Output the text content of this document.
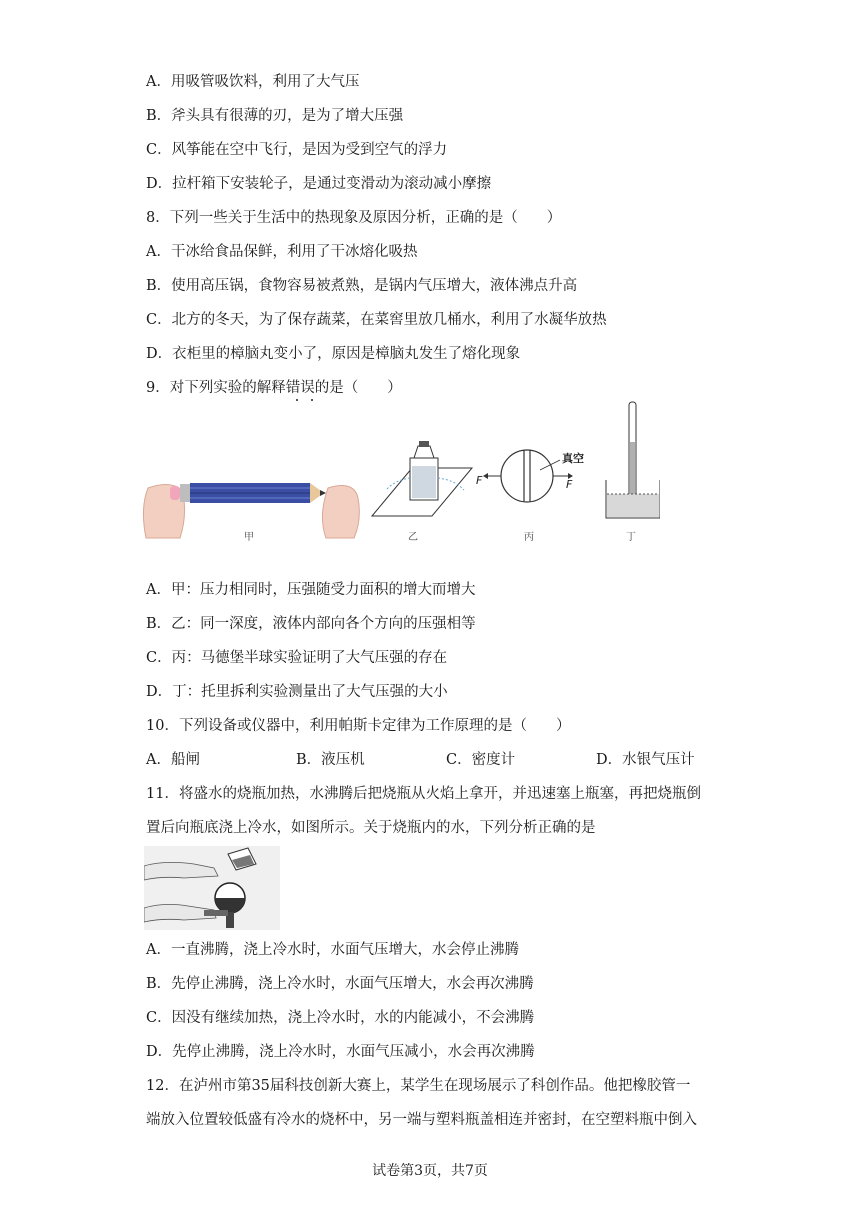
A．用吸管吸饮料，利用了大气压
B．斧头具有很薄的刃，是为了增大压强
C．风筝能在空中飞行，是因为受到空气的浮力
D．拉杆箱下安装轮子，是通过变滑动为滚动减小摩擦
8．下列一些关于生活中的热现象及原因分析，正确的是（　　）
A．干冰给食品保鲜，利用了干冰熔化吸热
B．使用高压锅，食物容易被煮熟，是锅内气压增大，液体沸点升高
C．北方的冬天，为了保存蔬菜，在菜窖里放几桶水，利用了水凝华放热
D．衣柜里的樟脑丸变小了，原因是樟脑丸发生了熔化现象
9．对下列实验的解释错误的是（　　）
真空
F	F
甲	乙	丙	丁
A．甲：压力相同时，压强随受力面积的增大而增大
B．乙：同一深度，液体内部向各个方向的压强相等
C．丙：马德堡半球实验证明了大气压强的存在
D．丁：托里拆利实验测量出了大气压强的大小
10．下列设备或仪器中，利用帕斯卡定律为工作原理的是（　　）
A．船闸	B．液压机	C．密度计	D．水银气压计
11．将盛水的烧瓶加热，水沸腾后把烧瓶从火焰上拿开，并迅速塞上瓶塞，再把烧瓶倒
置后向瓶底浇上冷水，如图所示。关于烧瓶内的水，下列分析正确的是
A．一直沸腾，浇上冷水时，水面气压增大，水会停止沸腾
B．先停止沸腾，浇上冷水时，水面气压增大，水会再次沸腾
C．因没有继续加热，浇上冷水时，水的内能减小，不会沸腾
D．先停止沸腾，浇上冷水时，水面气压减小，水会再次沸腾
12．在泸州市第35届科技创新大赛上，某学生在现场展示了科创作品。他把橡胶管一
端放入位置较低盛有冷水的烧杯中，另一端与塑料瓶盖相连并密封，在空塑料瓶中倒入
试卷第3页，共7页
